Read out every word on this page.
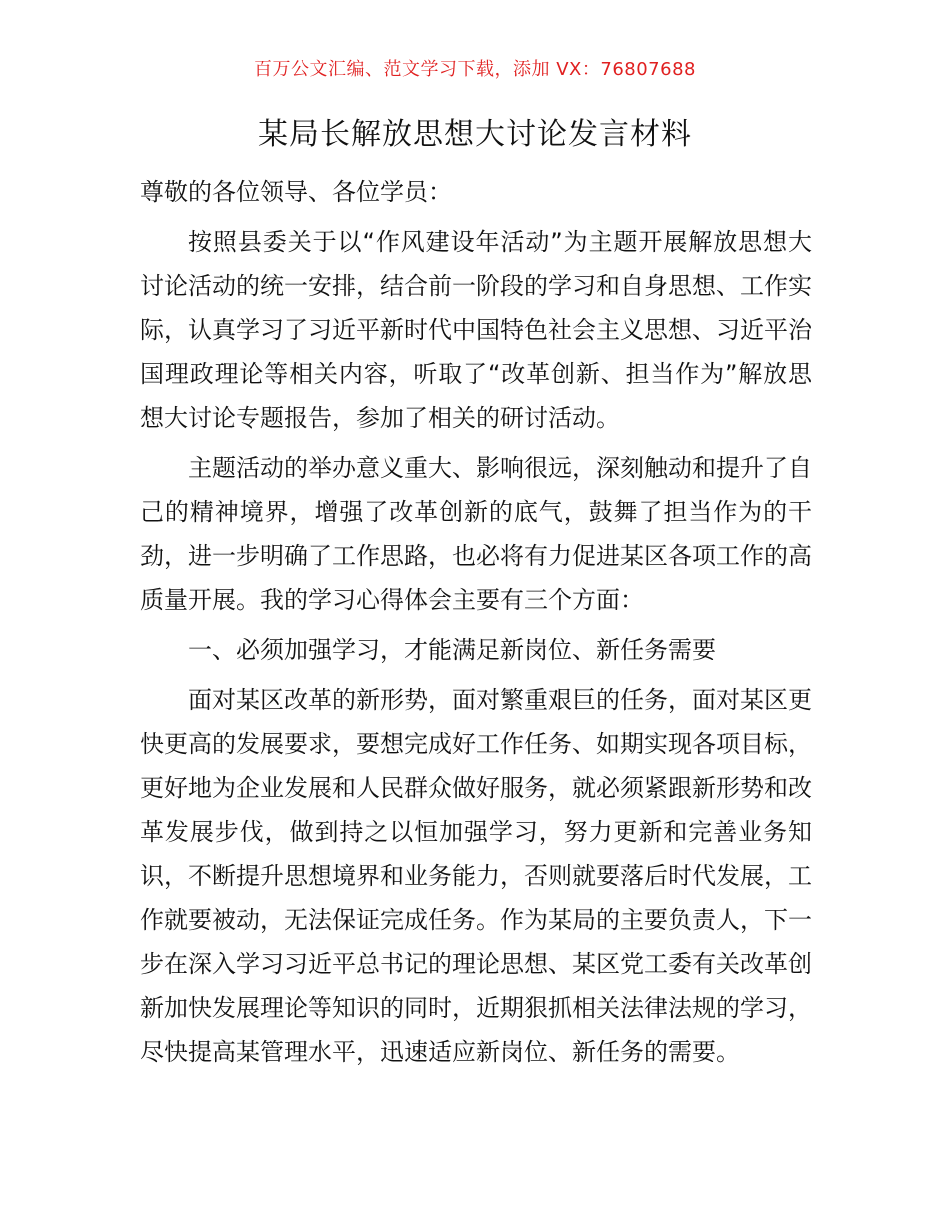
百万公文汇编、范文学习下载，添加 VX：76807688
某局长解放思想大讨论发言材料

尊敬的各位领导、各位学员：

按照县委关于以“作风建设年活动”为主题开展解放思想大讨论活动的统一安排，结合前一阶段的学习和自身思想、工作实际，认真学习了习近平新时代中国特色社会主义思想、习近平治国理政理论等相关内容，听取了“改革创新、担当作为”解放思想大讨论专题报告，参加了相关的研讨活动。

主题活动的举办意义重大、影响很远，深刻触动和提升了自己的精神境界，增强了改革创新的底气，鼓舞了担当作为的干劲，进一步明确了工作思路，也必将有力促进某区各项工作的高质量开展。我的学习心得体会主要有三个方面：

一、必须加强学习，才能满足新岗位、新任务需要

面对某区改革的新形势，面对繁重艰巨的任务，面对某区更快更高的发展要求，要想完成好工作任务、如期实现各项目标，更好地为企业发展和人民群众做好服务，就必须紧跟新形势和改革发展步伐，做到持之以恒加强学习，努力更新和完善业务知识，不断提升思想境界和业务能力，否则就要落后时代发展，工作就要被动，无法保证完成任务。作为某局的主要负责人，下一步在深入学习习近平总书记的理论思想、某区党工委有关改革创新加快发展理论等知识的同时，近期狠抓相关法律法规的学习，尽快提高某管理水平，迅速适应新岗位、新任务的需要。
